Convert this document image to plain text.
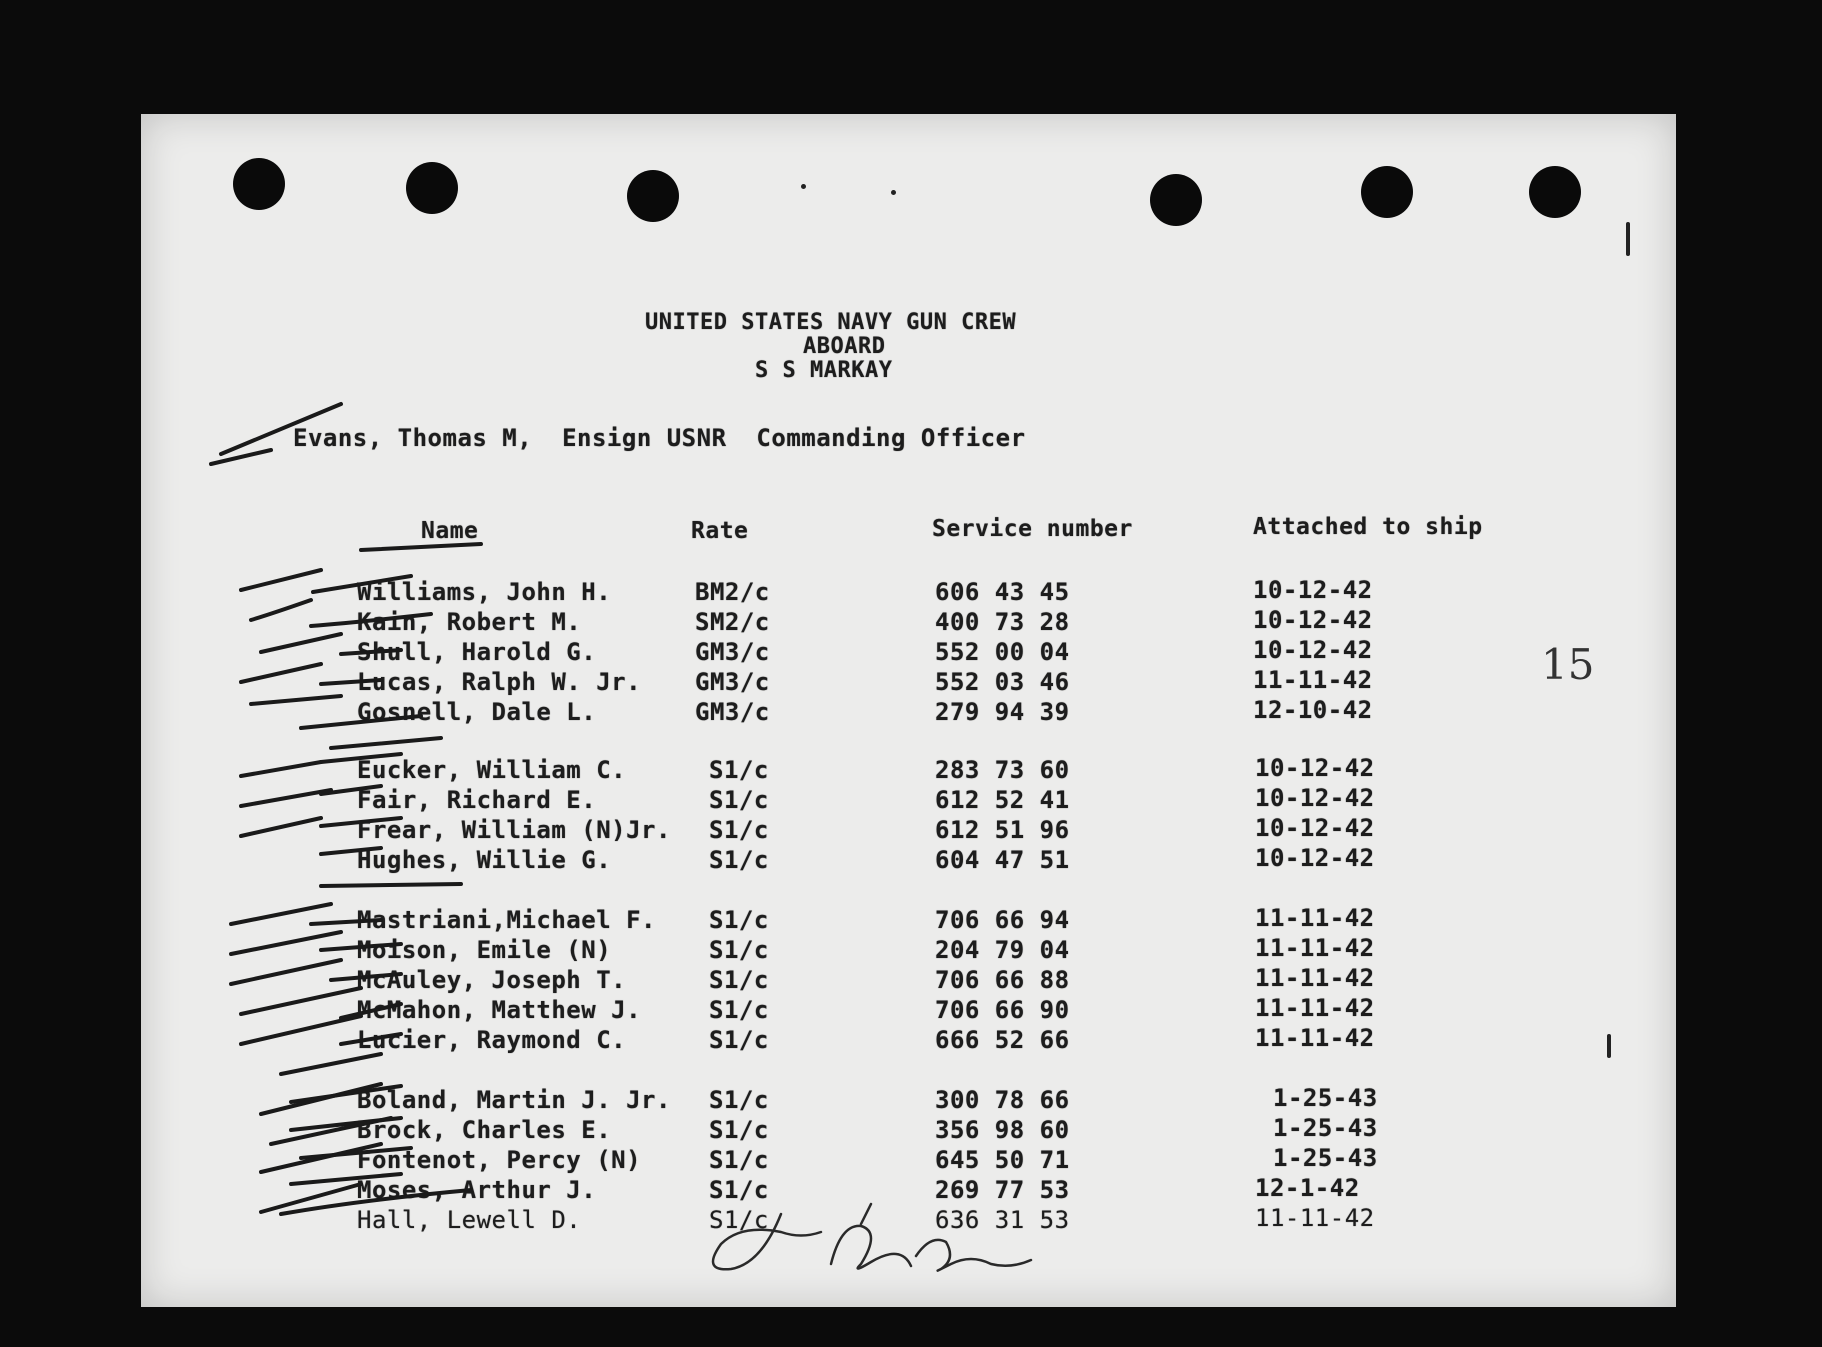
UNITED STATES NAVY GUN CREW
ABOARD
S S MARKAY
Evans, Thomas M,  Ensign USNR  Commanding Officer
Name	Rate	Service number	Attached to ship
Williams, John H.	BM2/c	606 43 45	10-12-42
Kain, Robert M.	SM2/c	400 73 28	10-12-42
Shull, Harold G.	GM3/c	552 00 04	10-12-42
Lucas, Ralph W. Jr. GM3/c	552 03 46	11-11-42
Gosnell, Dale L.	GM3/c	279 94 39	12-10-42
Eucker, William C.	S1/c	283 73 60	10-12-42
Fair, Richard E.	S1/c	612 52 41	10-12-42
Frear, William (N)Jr. S1/c	612 51 96	10-12-42
Hughes, Willie G.	S1/c	604 47 51	10-12-42
Mastriani,Michael F. S1/c	706 66 94	11-11-42
Moison, Emile (N)	S1/c	204 79 04	11-11-42
McAuley, Joseph T.	S1/c	706 66 88	11-11-42
McMahon, Matthew J.	S1/c	706 66 90	11-11-42
Lucier, Raymond C.	S1/c	666 52 66	11-11-42
Boland, Martin J. Jr. S1/c	300 78 66	1-25-43
Brock, Charles E.	S1/c	356 98 60	1-25-43
Fontenot, Percy (N)	S1/c	645 50 71	1-25-43
Moses, Arthur J.	S1/c	269 77 53	12-1-42
Hall, Lewell D.	S1/c	636 31 53	11-11-42
15
